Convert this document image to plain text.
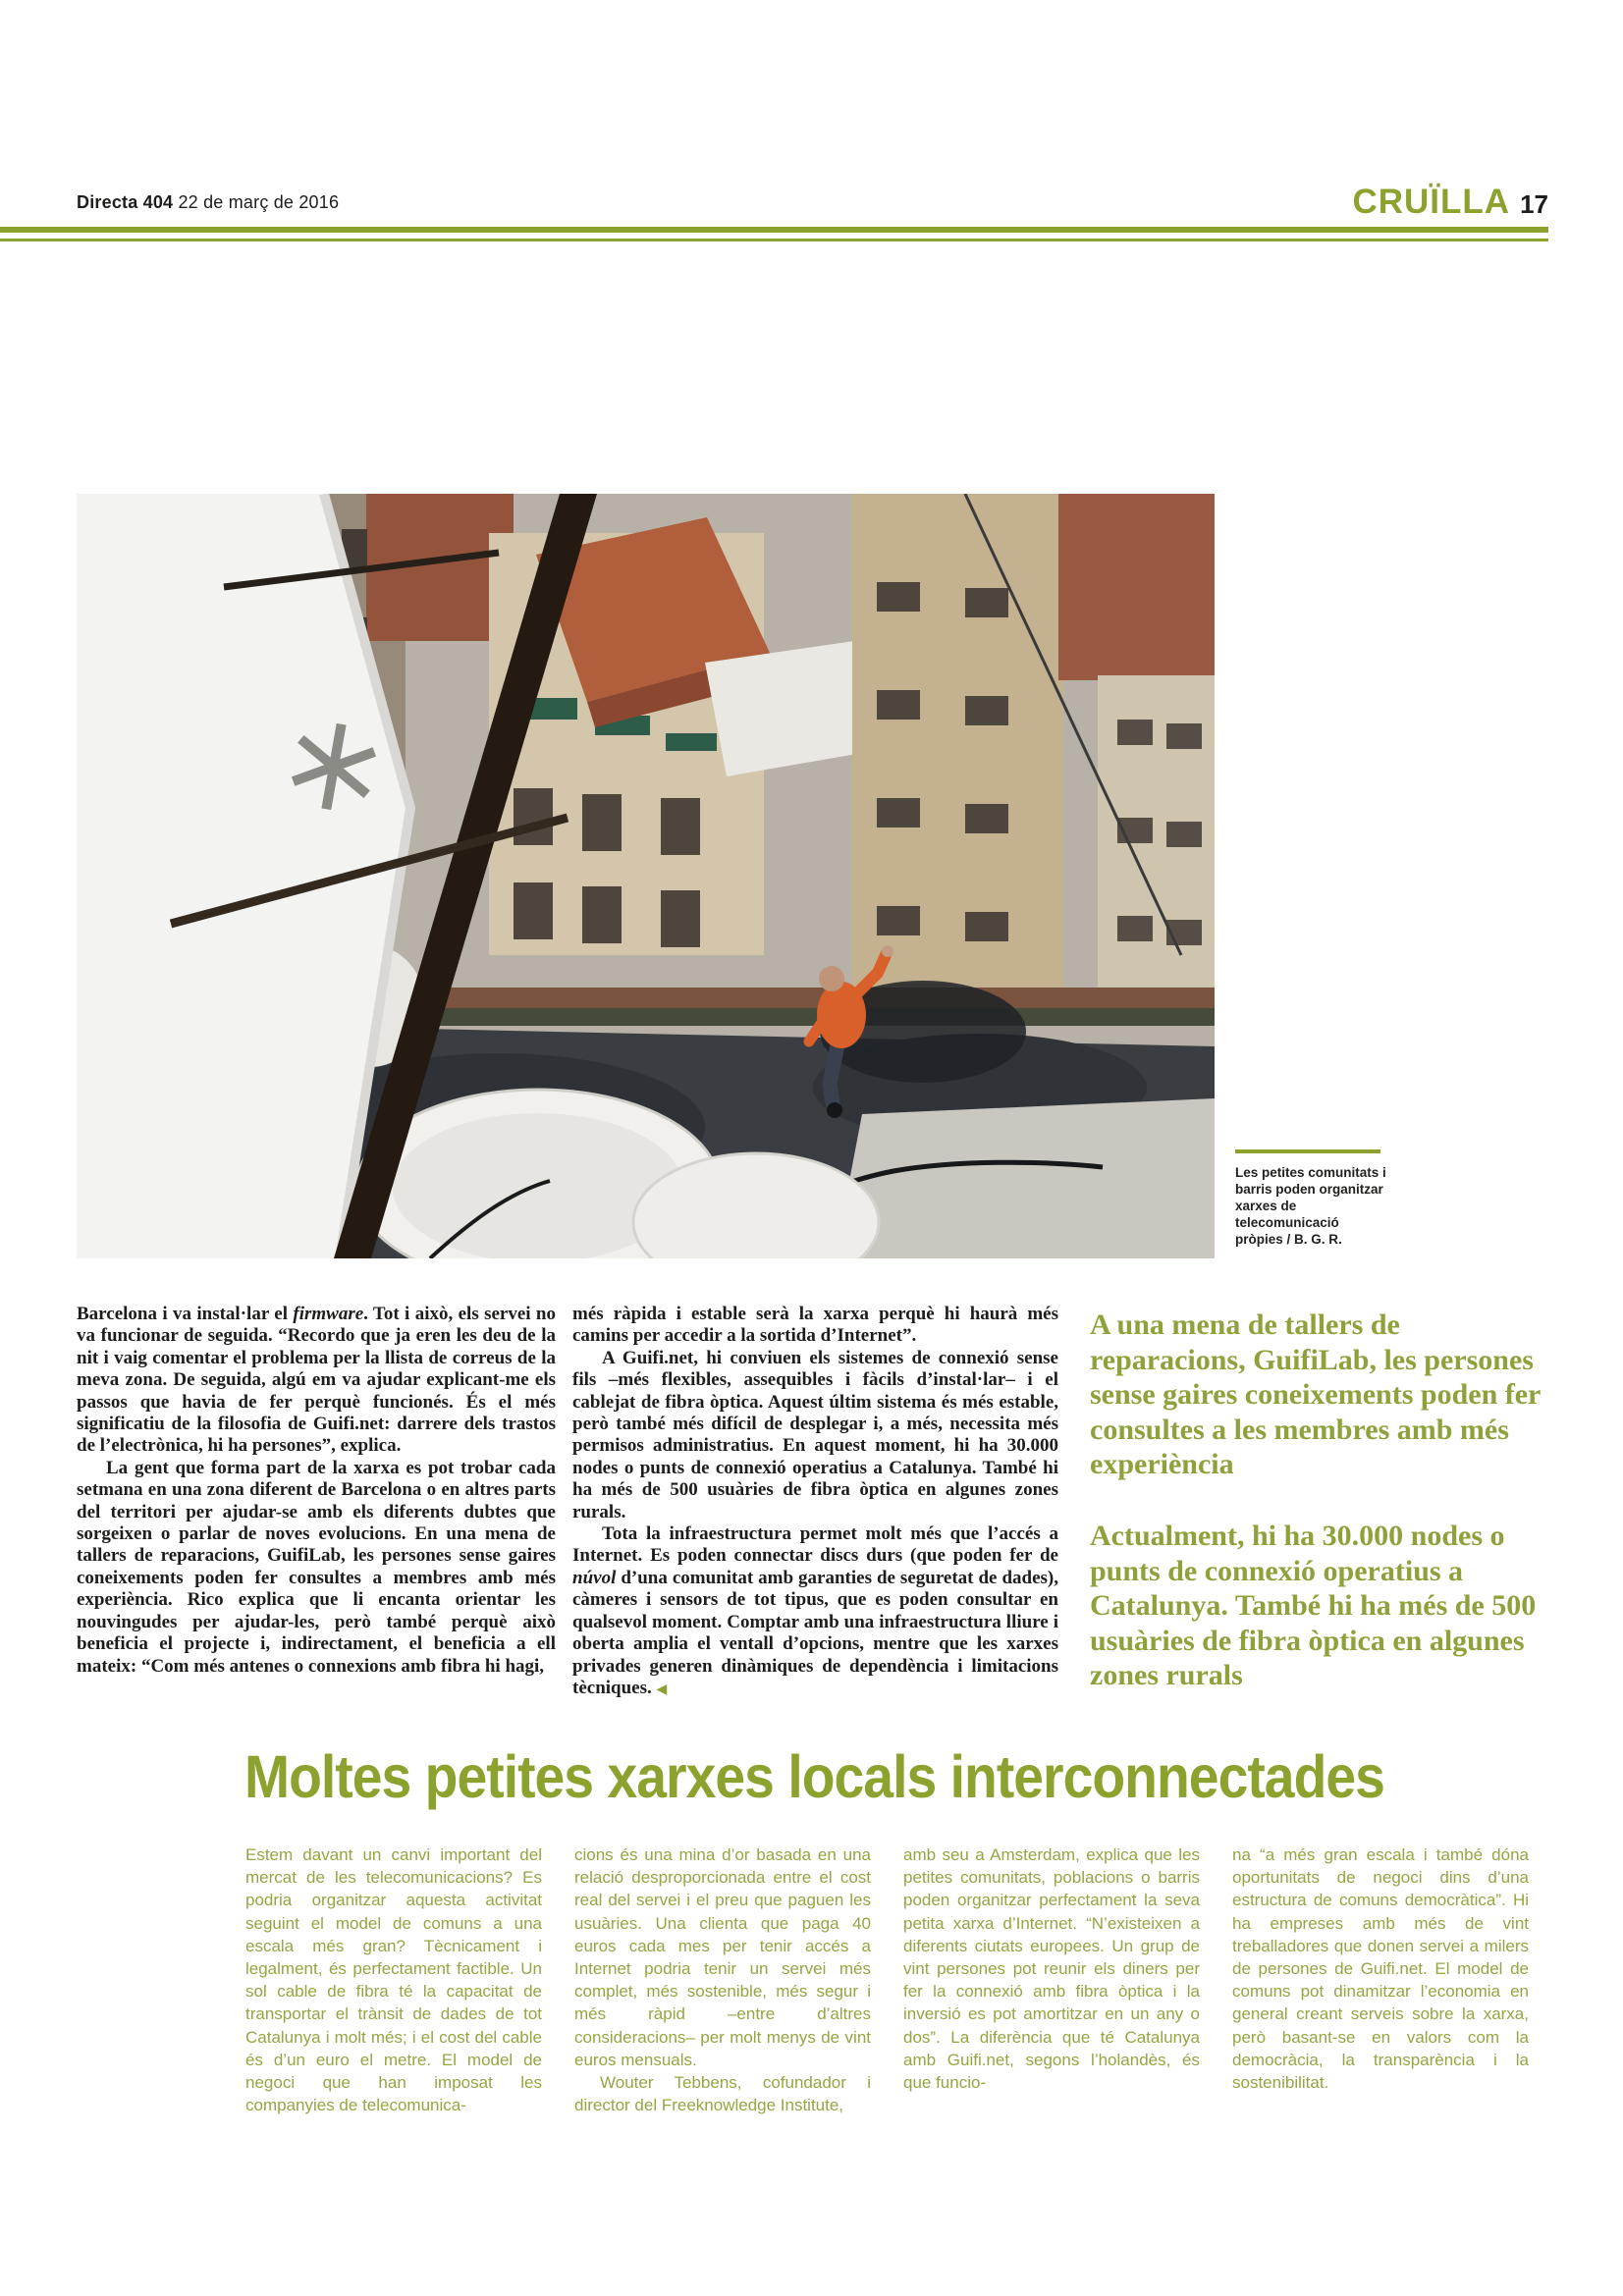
Directa 404 22 de març de 2016	CRUÏLLA 17
Les petites comunitats i barris poden organitzar xarxes de telecomunicació pròpies / B. G. R.

Barcelona i va instal·lar el firmware. Tot i això, els servei no va funcionar de seguida. “Recordo que ja eren les deu de la nit i vaig comentar el problema per la llista de correus de la meva zona. De seguida, algú em va ajudar explicant-me els passos que havia de fer perquè funcionés. És el més significatiu de la filosofia de Guifi.net: darrere dels trastos de l’electrònica, hi ha persones”, explica.

La gent que forma part de la xarxa es pot trobar cada setmana en una zona diferent de Barcelona o en altres parts del territori per ajudar-se amb els diferents dubtes que sorgeixen o parlar de noves evolucions. En una mena de tallers de reparacions, GuifiLab, les persones sense gaires coneixements poden fer consultes a membres amb més experiència. Rico explica que li encanta orientar les nouvingudes per ajudar-les, però també perquè això beneficia el projecte i, indirectament, el beneficia a ell mateix: “Com més antenes o connexions amb fibra hi hagi,

més ràpida i estable serà la xarxa perquè hi haurà més camins per accedir a la sortida d’Internet”.

A Guifi.net, hi conviuen els sistemes de connexió sense fils –més flexibles, assequibles i fàcils d’instal·lar– i el cablejat de fibra òptica. Aquest últim sistema és més estable, però també més difícil de desplegar i, a més, necessita més permisos administratius. En aquest moment, hi ha 30.000 nodes o punts de connexió operatius a Catalunya. També hi ha més de 500 usuàries de fibra òptica en algunes zones rurals.

Tota la infraestructura permet molt més que l’accés a Internet. Es poden connectar discs durs (que poden fer de núvol d’una comunitat amb garanties de seguretat de dades), càmeres i sensors de tot tipus, que es poden consultar en qualsevol moment. Comptar amb una infraestructura lliure i oberta amplia el ventall d’opcions, mentre que les xarxes privades generen dinàmiques de dependència i limitacions tècniques. ◀

A una mena de tallers de reparacions, GuifiLab, les persones sense gaires coneixements poden fer consultes a les membres amb més experiència
Actualment, hi ha 30.000 nodes o punts de connexió operatius a Catalunya. També hi ha més de 500 usuàries de fibra òptica en algunes zones rurals
Moltes petites xarxes locals interconnectades

Estem davant un canvi important del mercat de les telecomunicacions? Es podria organitzar aquesta activitat seguint el model de comuns a una escala més gran? Tècnicament i legalment, és perfectament factible. Un sol cable de fibra té la capacitat de transportar el trànsit de dades de tot Catalunya i molt més; i el cost del cable és d’un euro el metre. El model de negoci que han imposat les companyies de telecomunica-

cions és una mina d’or basada en una relació desproporcionada entre el cost real del servei i el preu que paguen les usuàries. Una clienta que paga 40 euros cada mes per tenir accés a Internet podria tenir un servei més complet, més sostenible, més segur i més ràpid –entre d’altres consideracions– per molt menys de vint euros mensuals.

Wouter Tebbens, cofundador i director del Freeknowledge Institute,

amb seu a Amsterdam, explica que les petites comunitats, poblacions o barris poden organitzar perfectament la seva petita xarxa d’Internet. “N’existeixen a diferents ciutats europees. Un grup de vint persones pot reunir els diners per fer la connexió amb fibra òptica i la inversió es pot amortitzar en un any o dos”. La diferència que té Catalunya amb Guifi.net, segons l’holandès, és que funcio-

na “a més gran escala i també dóna oportunitats de negoci dins d’una estructura de comuns democràtica”. Hi ha empreses amb més de vint treballadores que donen servei a milers de persones de Guifi.net. El model de comuns pot dinamitzar l’economia en general creant serveis sobre la xarxa, però basant-se en valors com la democràcia, la transparència i la sostenibilitat.
